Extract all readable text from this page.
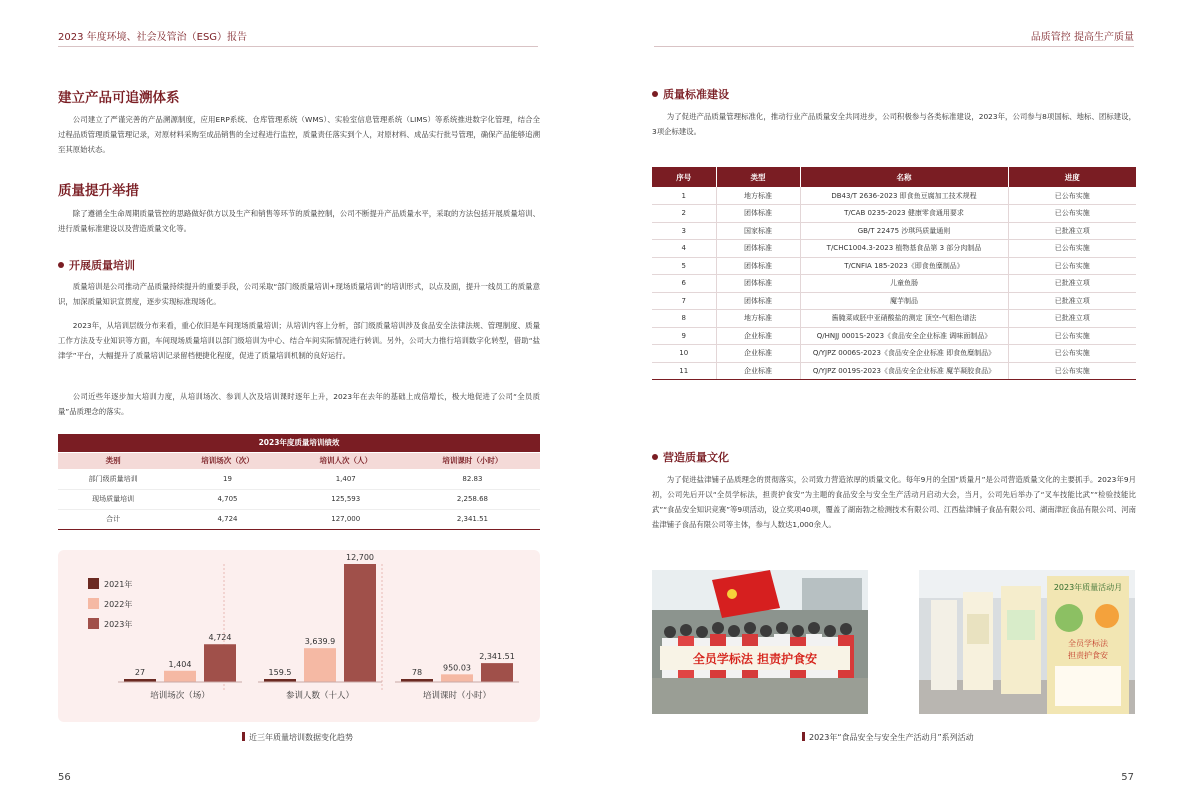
2023 年度环境、社会及管治（ESG）报告
建立产品可追溯体系
公司建立了严谨完善的产品溯源制度，应用ERP系统、仓库管理系统（WMS）、实验室信息管理系统（LIMS）等系统推进数字化管理，结合全过程品质管理质量管理记录，对原材料采购至成品销售的全过程进行监控，质量责任落实到个人，对原材料、成品实行批号管理，确保产品能够追溯至其原始状态。
质量提升举措
除了遵循全生命周期质量管控的思路做好供方以及生产和销售等环节的质量控制，公司不断提升产品质量水平，采取的方法包括开展质量培训、进行质量标准建设以及营造质量文化等。
开展质量培训
质量培训是公司推动产品质量持续提升的重要手段，公司采取“部门级质量培训+现场质量培训”的培训形式，以点及面，提升一线员工的质量意识，加深质量知识宣贯度，逐步实现标准现场化。
2023年，从培训层级分布来看，重心依旧是车间现场质量培训；从培训内容上分析，部门级质量培训涉及食品安全法律法规、管理制度、质量工作方法及专业知识等方面，车间现场质量培训以部门级培训为中心、结合车间实际情况进行转训。另外，公司大力推行培训数字化转型，借助“盐津学”平台，大幅提升了质量培训记录留档便捷化程度，促进了质量培训机制的良好运行。
公司近些年逐步加大培训力度，从培训场次、参训人次及培训课时逐年上升，2023年在去年的基础上成倍增长，极大地促进了公司“全员质量”品质理念的落实。
2023年度质量培训绩效			
类别	培训场次（次）	培训人次（人）	培训课时（小时）
部门级质量培训	19	1,407	82.83
现场质量培训	4,705	125,593	2,258.68
合计	4,724	127,000	2,341.51
2021年
2022年
2023年
27
1,404
4,724
培训场次（场）
159.5
3,639.9
12,700
参训人数（十人）
78
950.03
2,341.51
培训课时（小时）
近三年质量培训数据变化趋势
56
品质管控 提高生产质量
质量标准建设
为了促进产品质量管理标准化，推动行业产品质量安全共同进步，公司积极参与各类标准建设，2023年，公司参与8项国标、地标、团标建设，3项企标建设。
序号	类型	名称	进度
1	地方标准	DB43/T 2636-2023 即食鱼豆腐加工技术规程	已公布实施
2	团体标准	T/CAB 0235-2023 健康零食通用要求	已公布实施
3	国家标准	GB/T 22475 沙琪玛质量通则	已批准立项
4	团体标准	T/CHC1004.3-2023 植物基食品第 3 部分肉制品	已公布实施
5	团体标准	T/CNFIA 185-2023《即食鱼糜制品》	已公布实施
6	团体标准	儿童鱼肠	已批准立项
7	团体标准	魔芋制品	已批准立项
8	地方标准	酱腌菜咸胚中亚硝酸盐的测定 顶空-气相色谱法	已批准立项
9	企业标准	Q/HNJJ 0001S-2023《食品安全企业标准 调味面制品》	已公布实施
10	企业标准	Q/YJPZ 0006S-2023《食品安全企业标准 即食鱼糜制品》	已公布实施
11	企业标准	Q/YJPZ 0019S-2023《食品安全企业标准 魔芋凝胶食品》	已公布实施
营造质量文化
为了促进盐津铺子品质理念的贯彻落实，公司致力营造浓厚的质量文化。每年9月的全国“质量月”是公司营造质量文化的主要抓手。2023年9月初，公司先后开以“全员学标法，担责护食安”为主题的食品安全与安全生产活动月启动大会，当月，公司先后举办了“叉车技能比武”“检验技能比武”“食品安全知识竞赛”等9项活动，设立奖项40项，覆盖了湖南勃之检测技术有限公司、江西盐津铺子食品有限公司、湖南津匠食品有限公司、河南盐津铺子食品有限公司等主体，参与人数达1,000余人。
全员学标法 担责护食安
2023年质量活动月
全员学标法
担责护食安
2023年“食品安全与安全生产活动月”系列活动
57
